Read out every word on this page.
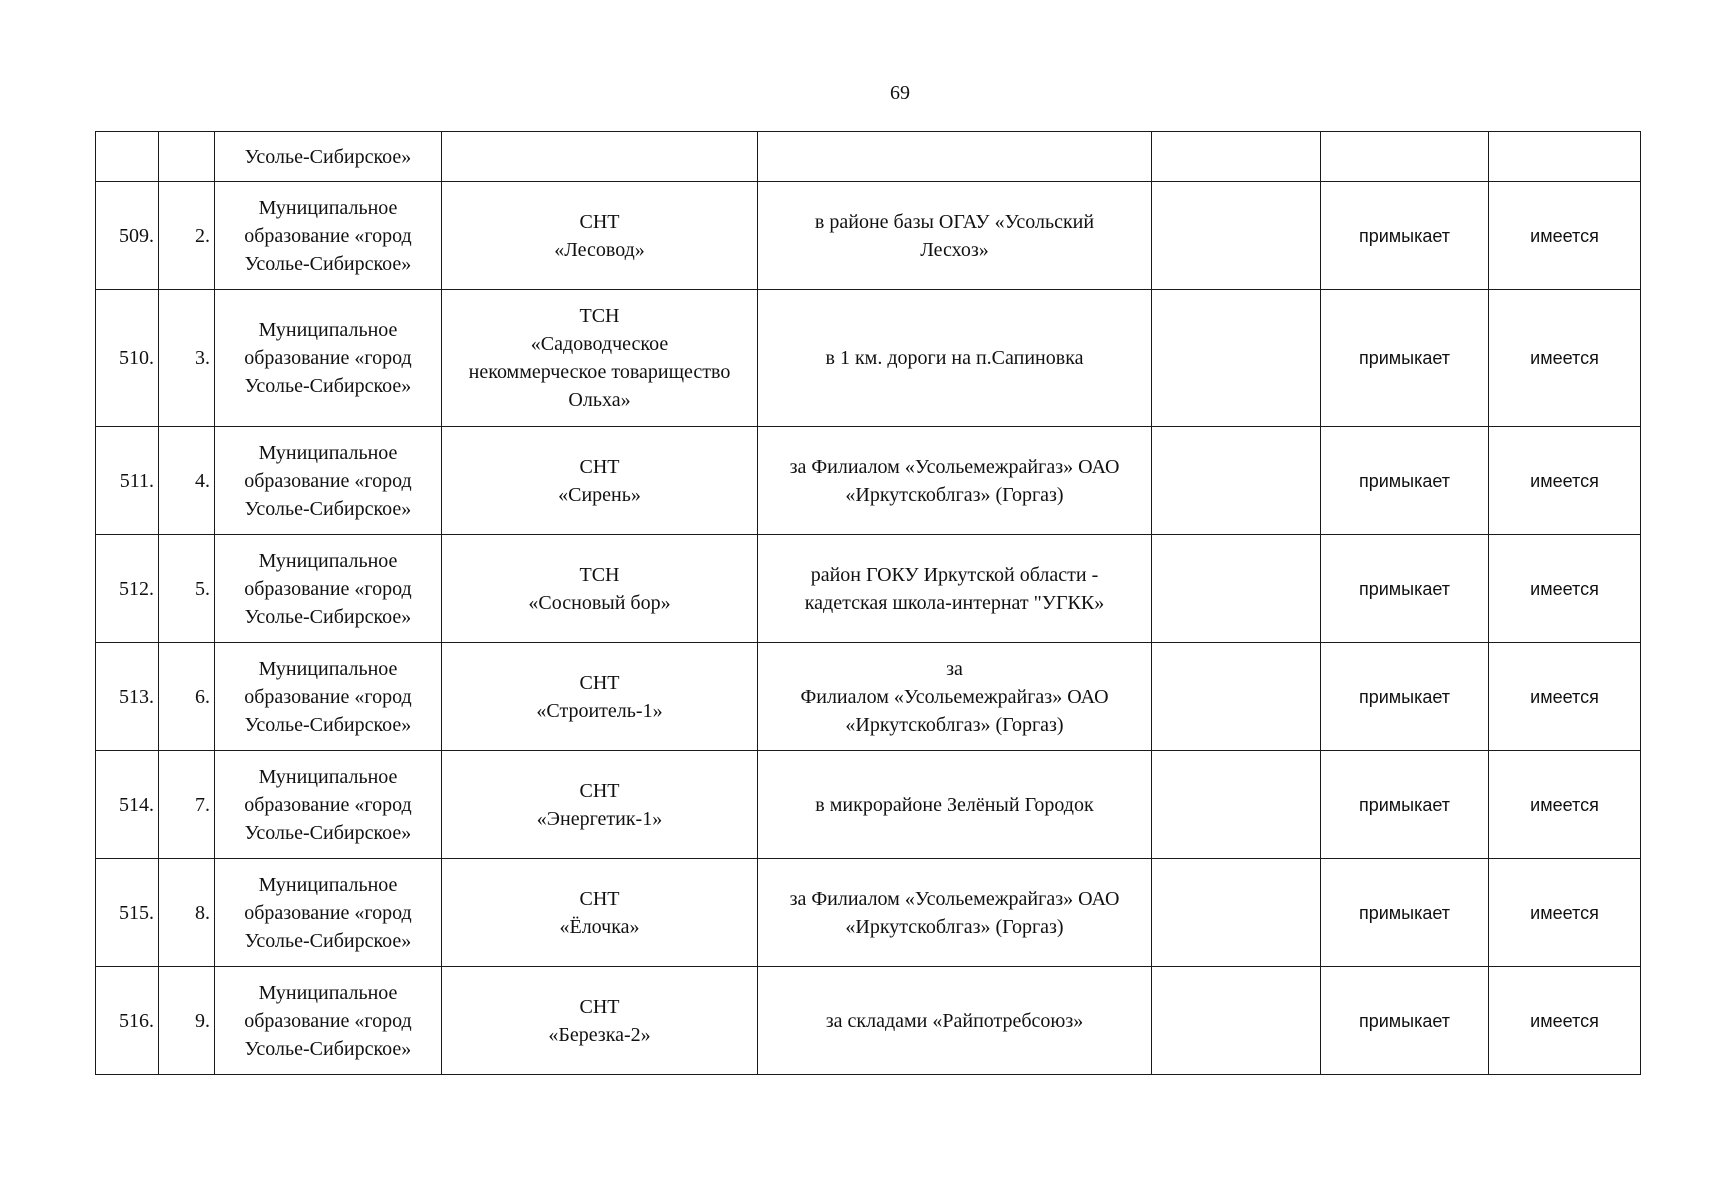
69
		Усолье-Сибирское»					
509.	2.	Муниципальное
образование «город
Усолье-Сибирское»	СНТ
«Лесовод»	в районе базы ОГАУ «Усольский
Лесхоз»		примыкает	имеется
510.	3.	Муниципальное
образование «город
Усолье-Сибирское»	ТСН
«Садоводческое
некоммерческое товарищество
Ольха»	в 1 км. дороги на п.Сапиновка		примыкает	имеется
511.	4.	Муниципальное
образование «город
Усолье-Сибирское»	СНТ
«Сирень»	за Филиалом «Усольемежрайгаз» ОАО
«Иркутскоблгаз» (Горгаз)		примыкает	имеется
512.	5.	Муниципальное
образование «город
Усолье-Сибирское»	ТСН
«Сосновый бор»	район ГОКУ Иркутской области -
кадетская школа-интернат "УГКК»		примыкает	имеется
513.	6.	Муниципальное
образование «город
Усолье-Сибирское»	СНТ
«Строитель-1»	за
Филиалом «Усольемежрайгаз» ОАО
«Иркутскоблгаз» (Горгаз)		примыкает	имеется
514.	7.	Муниципальное
образование «город
Усолье-Сибирское»	СНТ
«Энергетик-1»	в микрорайоне Зелёный Городок		примыкает	имеется
515.	8.	Муниципальное
образование «город
Усолье-Сибирское»	СНТ
«Ёлочка»	за Филиалом «Усольемежрайгаз» ОАО
«Иркутскоблгаз» (Горгаз)		примыкает	имеется
516.	9.	Муниципальное
образование «город
Усолье-Сибирское»	СНТ
«Березка-2»	за складами «Райпотребсоюз»		примыкает	имеется
